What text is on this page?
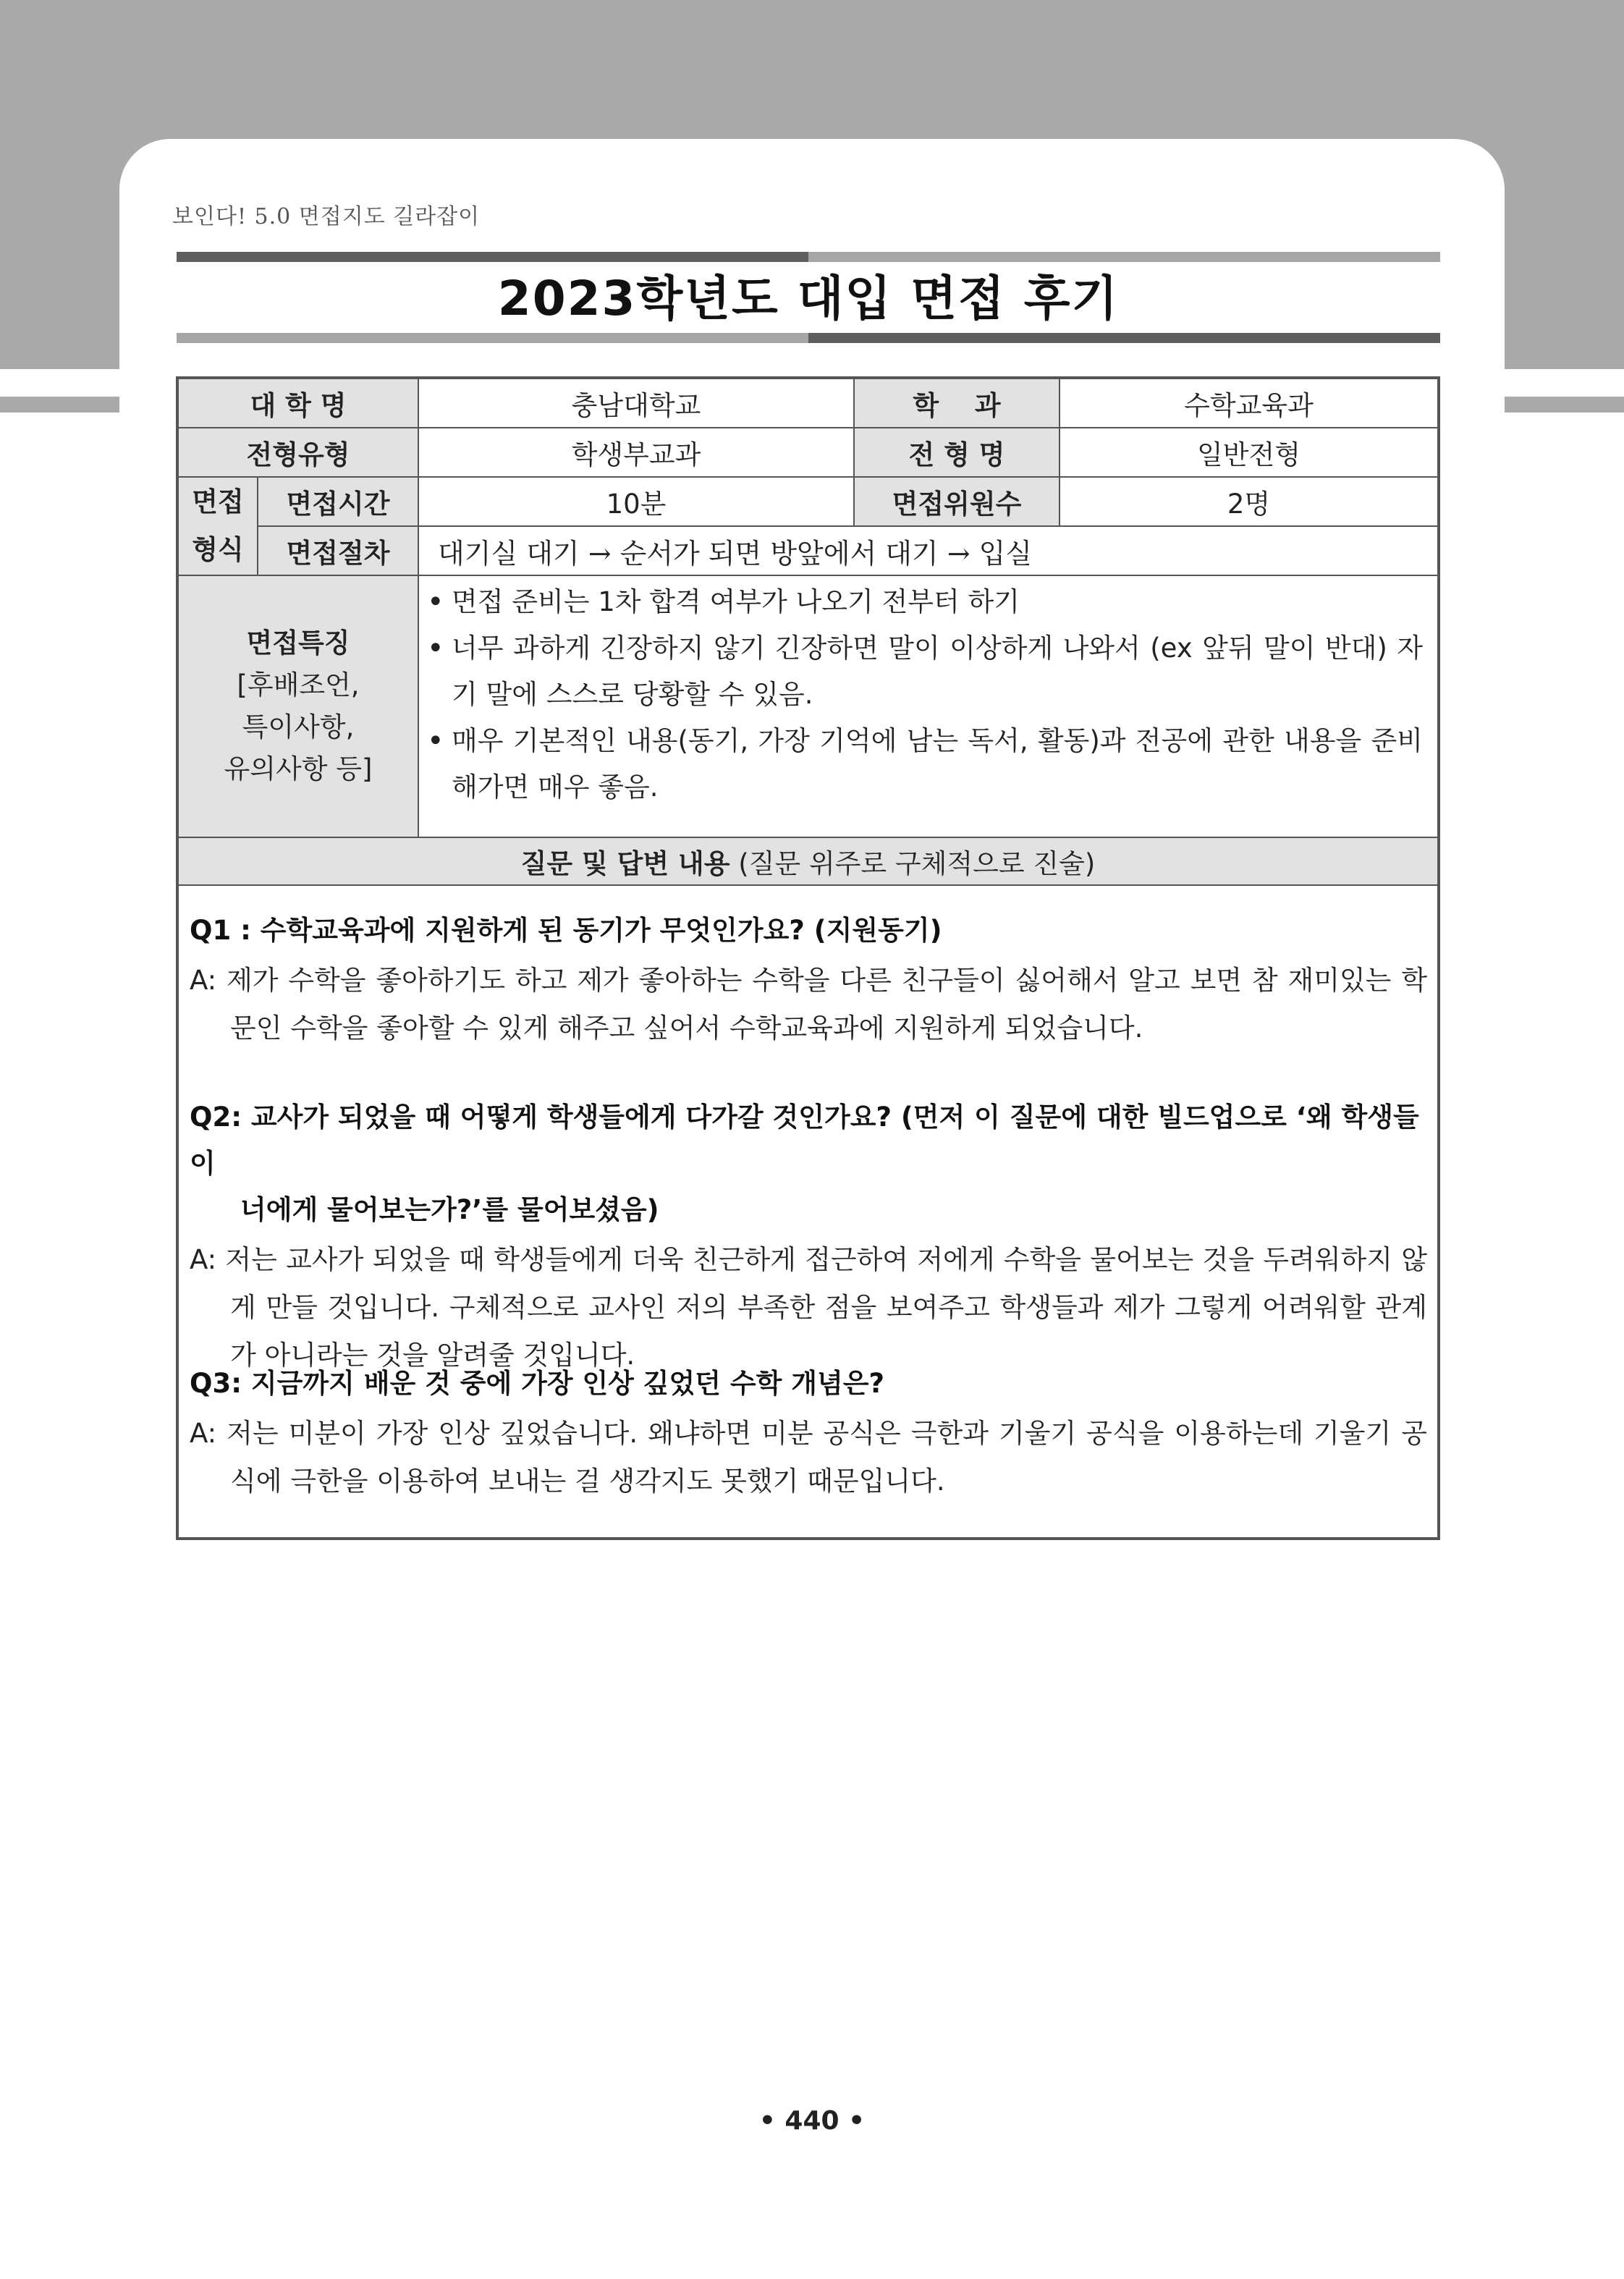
보인다! 5.0 면접지도 길라잡이
2023학년도 대입 면접 후기
대 학 명	충남대학교	학　 과	수학교육과
전형유형	학생부교과	전 형 명	일반전형
면접
형식
면접시간	10분	면접위원수	2명
면접절차	대기실 대기 → 순서가 되면 방앞에서 대기 → 입실
면접특징
[후배조언,
특이사항,
유의사항 등]
• 면접 준비는 1차 합격 여부가 나오기 전부터 하기
• 너무 과하게 긴장하지 않기 긴장하면 말이 이상하게 나와서 (ex 앞뒤 말이 반대) 자기 말에 스스로 당황할 수 있음.
• 매우 기본적인 내용(동기, 가장 기억에 남는 독서, 활동)과 전공에 관한 내용을 준비해가면 매우 좋음.
질문 및 답변 내용 (질문 위주로 구체적으로 진술)
Q1 : 수학교육과에 지원하게 된 동기가 무엇인가요? (지원동기)
A: 제가 수학을 좋아하기도 하고 제가 좋아하는 수학을 다른 친구들이 싫어해서 알고 보면 참 재미있는 학문인 수학을 좋아할 수 있게 해주고 싶어서 수학교육과에 지원하게 되었습니다.
Q2: 교사가 되었을 때 어떻게 학생들에게 다가갈 것인가요? (먼저 이 질문에 대한 빌드업으로 ‘왜 학생들이
너에게 물어보는가?’를 물어보셨음)
A: 저는 교사가 되었을 때 학생들에게 더욱 친근하게 접근하여 저에게 수학을 물어보는 것을 두려워하지 않게 만들 것입니다. 구체적으로 교사인 저의 부족한 점을 보여주고 학생들과 제가 그렇게 어려워할 관계가 아니라는 것을 알려줄 것입니다.
Q3: 지금까지 배운 것 중에 가장 인상 깊었던 수학 개념은?
A: 저는 미분이 가장 인상 깊었습니다. 왜냐하면 미분 공식은 극한과 기울기 공식을 이용하는데 기울기 공식에 극한을 이용하여 보내는 걸 생각지도 못했기 때문입니다.
• 440 •
